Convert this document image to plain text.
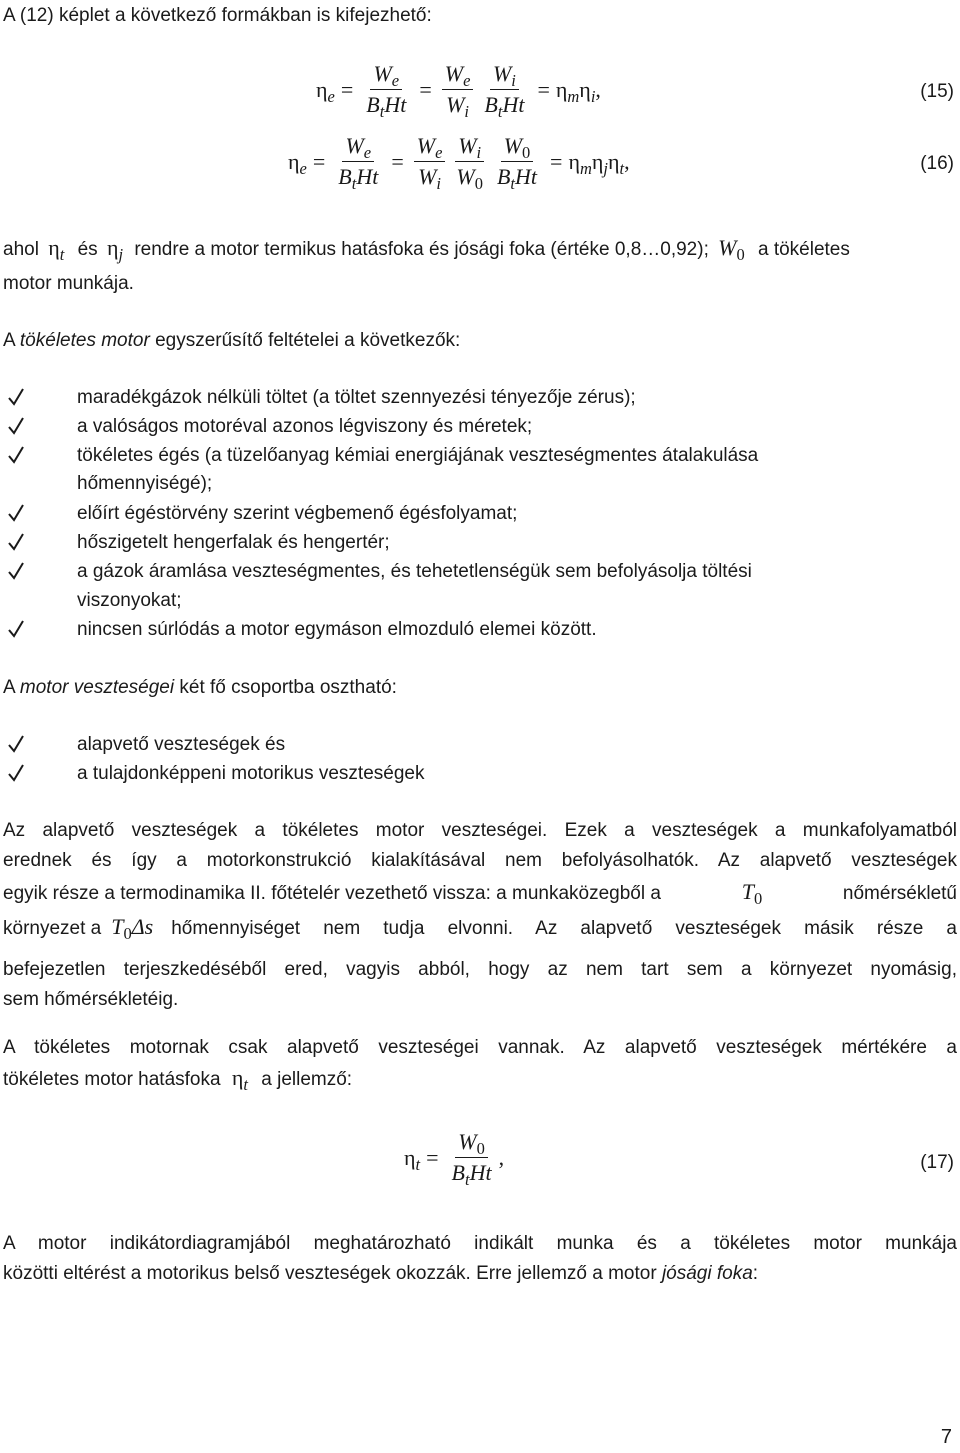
A (12) képlet a következő formákban is kifejezhető:
$\eta_e = \frac{W_e}{B_tHt} = \frac{W_e}{W_i} \frac{W_i}{B_tHt} = \eta_m\eta_i$,	(15)
$\eta_e = \frac{W_e}{B_tHt} = \frac{W_e}{W_i} \frac{W_i}{W_0} \frac{W_0}{B_tHt} = \eta_m\eta_j\eta_t$,	(16)
ahol $\eta_t$ és $\eta_j$ rendre a motor termikus hatásfoka és jósági foka (értéke 0,8…0,92); $W_0$ a tökéletes
motor munkája.
A tökéletes motor egyszerűsítő feltételei a következők:
maradékgázok nélküli töltet (a töltet szennyezési tényezője zérus);
a valóságos motoréval azonos légviszony és méretek;
tökéletes égés (a tüzelőanyag kémiai energiájának veszteségmentes átalakulása
hőmennyiségé);
előírt égéstörvény szerint végbemenő égésfolyamat;
hőszigetelt hengerfalak és hengertér;
a gázok áramlása veszteségmentes, és tehetetlenségük sem befolyásolja töltési
viszonyokat;
nincsen súrlódás a motor egymáson elmozduló elemei között.
A motor veszteségei két fő csoportba osztható:
alapvető veszteségek és
a tulajdonképpeni motorikus veszteségek
Az alapvető veszteségek a tökéletes motor veszteségei. Ezek a veszteségek a munkafolyamatból
erednek és így a motorkonstrukció kialakításával nem befolyásolhatók. Az alapvető veszteségek
egyik része a termodinamika II. főtételér vezethető vissza: a munkaközegből a	$T_0$	nőmérsékletű
környezet a $T_0\Delta s$ hőmennyiséget nem tudja elvonni. Az alapvető veszteségek másik része a
befejezetlen terjeszkedéséből ered, vagyis abból, hogy az nem tart sem a környezet nyomásig,
sem hőmérsékletéig.
A tökéletes motornak csak alapvető veszteségei vannak. Az alapvető veszteségek mértékére a
tökéletes motor hatásfoka $\eta_t$ a jellemző:
$\eta_t = \frac{W_0}{B_tHt}$ ,	(17)
A motor indikátordiagramjából meghatározható indikált munka és a tökéletes motor munkája
közötti eltérést a motorikus belső veszteségek okozzák. Erre jellemző a motor jósági foka:
7
